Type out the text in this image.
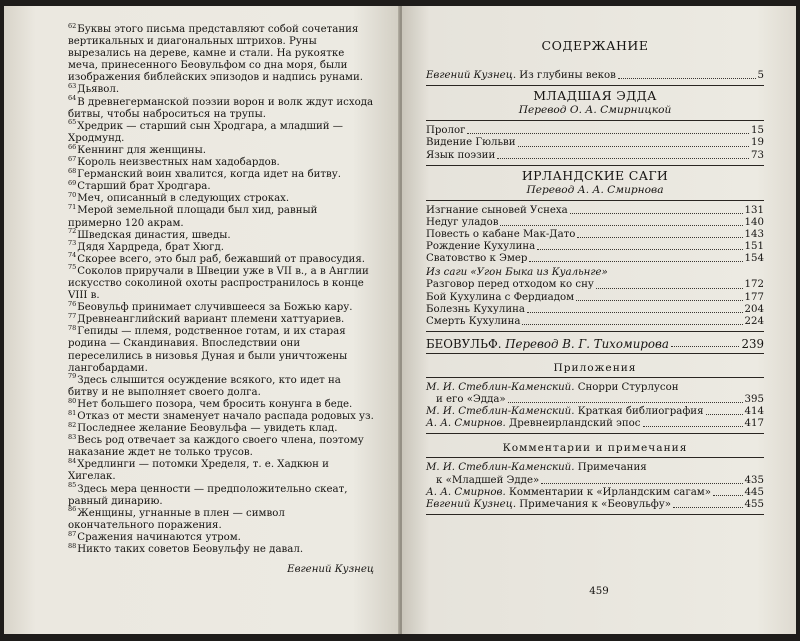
$^{62}$Буквы этого письма представляют собой сочетания вертикальных и диагональных штрихов. Руны вырезались на дереве, камне и стали. На рукоятке меча, принесенного Беовульфом со дна моря, были изображения библейских эпизодов и надпись рунами.

$^{63}$Дьявол.

$^{64}$В древнегерманской поэзии ворон и волк ждут исхода битвы, чтобы наброситься на трупы.

$^{65}$Хредрик — старший сын Хродгара, а младший — Хродмунд.

$^{66}$Кеннинг для женщины.

$^{67}$Король неизвестных нам хадобардов.

$^{68}$Германский воин хвалится, когда идет на битву.

$^{69}$Старший брат Хродгара.

$^{70}$Меч, описанный в следующих строках.

$^{71}$Мерой земельной площади был хид, равный примерно 120 акрам.

$^{72}$Шведская династия, шведы.

$^{73}$Дядя Хардреда, брат Хюгд.

$^{74}$Скорее всего, это был раб, бежавший от правосудия.

$^{75}$Соколов приручали в Швеции уже в VII в., а в Англии искусство соколиной охоты распространилось в конце VIII в.

$^{76}$Беовульф принимает случившееся за Божью кару.

$^{77}$Древнеанглийский вариант племени хаттуариев.

$^{78}$Гепиды — племя, родственное готам, и их старая родина — Скандинавия. Впоследствии они переселились в низовья Дуная и были уничтожены лангобардами.

$^{79}$Здесь слышится осуждение всякого, кто идет на битву и не выполняет своего долга.

$^{80}$Нет большего позора, чем бросить конунга в беде.

$^{81}$Отказ от мести знаменует начало распада родовых уз.

$^{82}$Последнее желание Беовульфа — увидеть клад.

$^{83}$Весь род отвечает за каждого своего члена, поэтому наказание ждет не только трусов.

$^{84}$Хредлинги — потомки Хределя, т. е. Хадкюн и Хигелак.

$^{85}$Здесь мера ценности — предположительно скеат, равный динарию.

$^{86}$Женщины, угнанные в плен — символ окончательного поражения.

$^{87}$Сражения начинаются утром.

$^{88}$Никто таких советов Беовульфу не давал.

Евгений Кузнец
СОДЕРЖАНИЕ
Евгений Кузнец. Из глубины веков	5
МЛАДШАЯ ЭДДА
Перевод О. А. Смирницкой
Пролог	15
Видение Гюльви	19
Язык поэзии	73
ИРЛАНДСКИЕ САГИ
Перевод А. А. Смирнова
Изгнание сыновей Уснеха	131
Недуг уладов	140
Повесть о кабане Мак-Дато	143
Рождение Кухулина	151
Сватовство к Эмер	154
Из саги «Угон Быка из Куальнге»
Разговор перед отходом ко сну	172
Бой Кухулина с Фердиадом	177
Болезнь Кухулина	204
Смерть Кухулина	224
БЕОВУЛЬФ. Перевод В. Г. Тихомирова	239
Приложения
М. И. Стеблин-Каменский. Снорри Стурлусон
и его «Эдда»	395
М. И. Стеблин-Каменский. Краткая библиография	414
А. А. Смирнов. Древнеирландский эпос	417
Комментарии и примечания
М. И. Стеблин-Каменский. Примечания
к «Младшей Эдде»	435
А. А. Смирнов. Комментарии к «Ирландским сагам»	445
Евгений Кузнец. Примечания к «Беовульфу»	455
459
